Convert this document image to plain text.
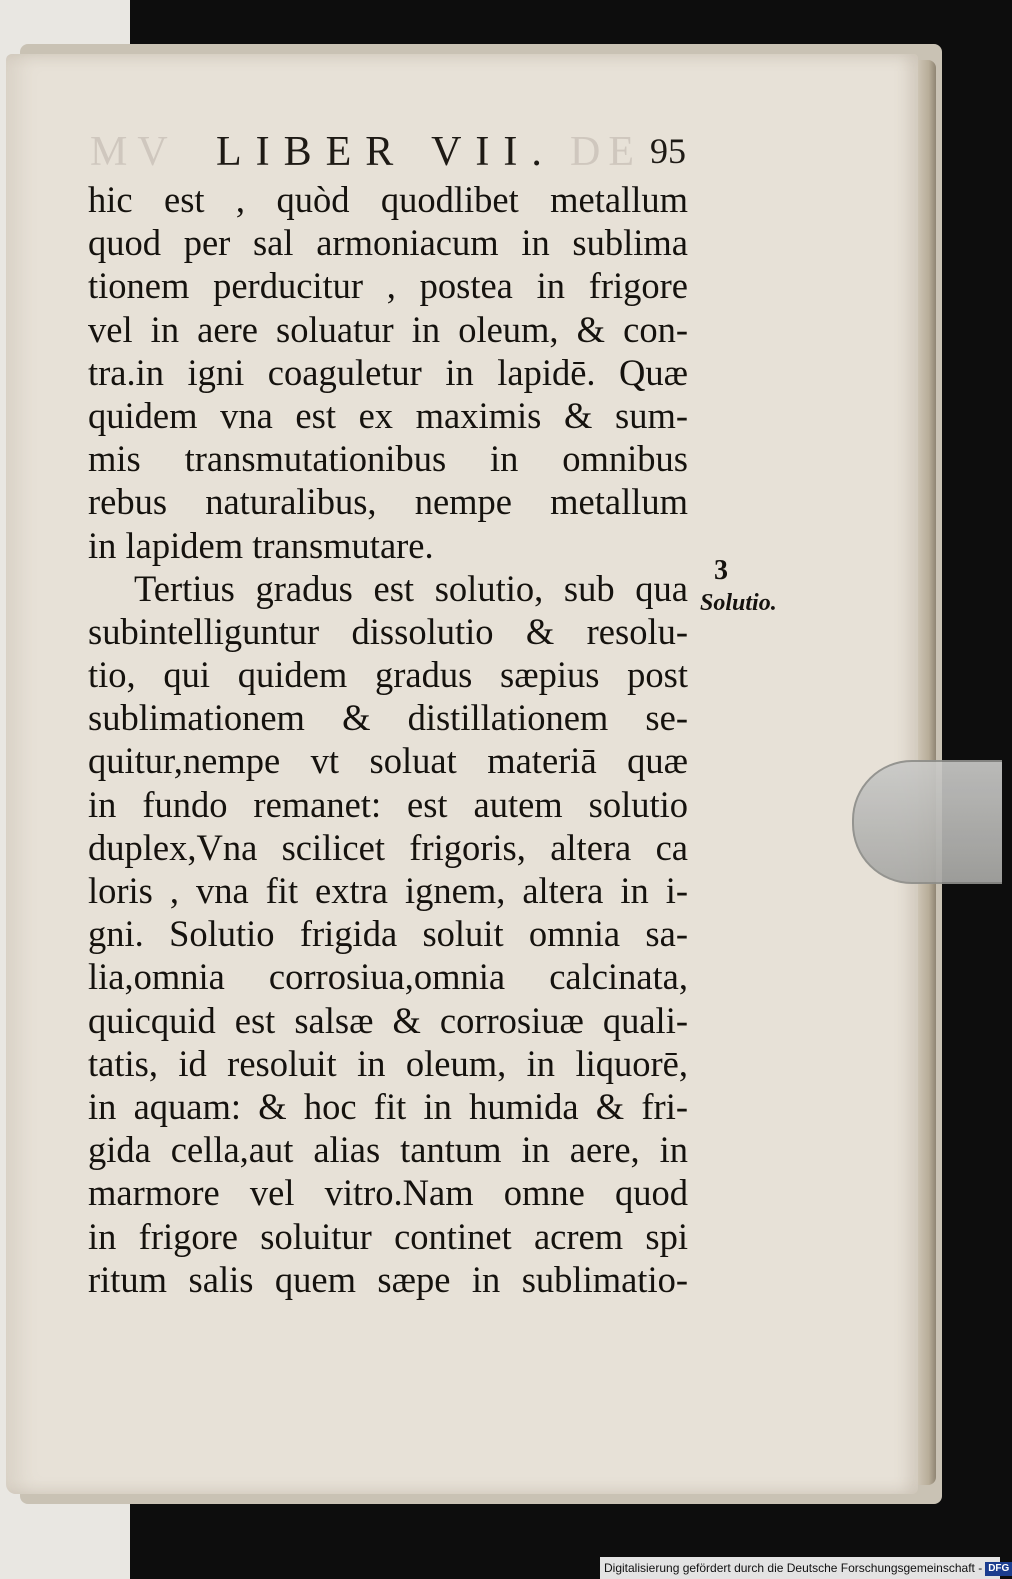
MV	DE
LIBER VII.	95
hic est , quòd quodlibet metallum
quod per sal armoniacum in sublima
tionem perducitur , postea in frigore
vel in aere soluatur in oleum, & con-
tra.in igni coaguletur in lapidē. Quæ
quidem vna est ex maximis & sum-
mis transmutationibus in omnibus
rebus naturalibus, nempe metallum
in lapidem transmutare.
Tertius gradus est solutio, sub qua
subintelliguntur dissolutio & resolu-
tio, qui quidem gradus sæpius post
sublimationem & distillationem se-
quitur,nempe vt soluat materiā quæ
in fundo remanet: est autem solutio
duplex,Vna scilicet frigoris, altera ca
loris , vna fit extra ignem, altera in i-
gni. Solutio frigida soluit omnia sa-
lia,omnia corrosiua,omnia calcinata,
quicquid est salsæ & corrosiuæ quali-
tatis, id resoluit in oleum, in liquorē,
in aquam: & hoc fit in humida & fri-
gida cella,aut alias tantum in aere, in
marmore vel vitro.Nam omne quod
in frigore soluitur continet acrem spi
ritum salis quem sæpe in sublimatio-
3
Solutio.
Digitalisierung gefördert durch die Deutsche Forschungsgemeinschaft - DFG
